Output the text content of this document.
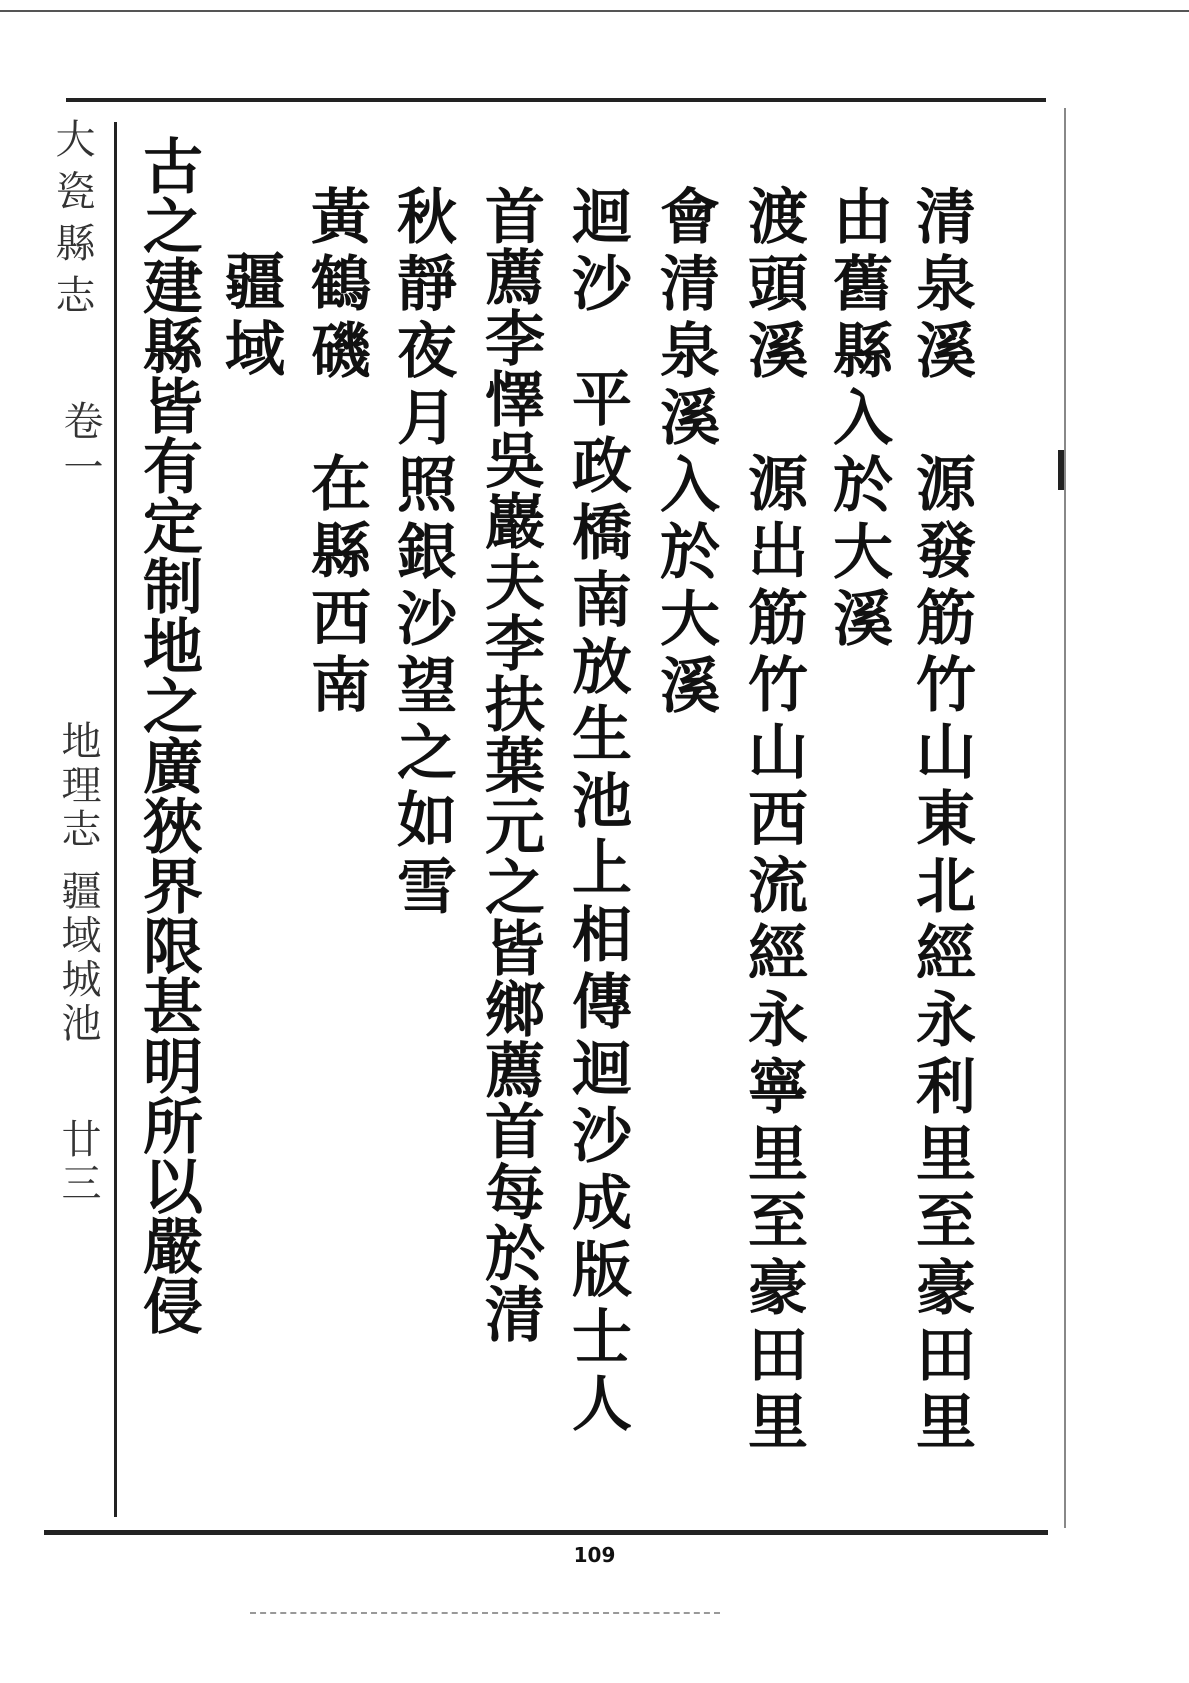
大瓷縣志
卷一
地理志
疆域城池
廿三
清泉溪源發筋竹山東北經永利里至豪田里
由舊縣入於大溪
渡頭溪源出筋竹山西流經永寧里至豪田里
會清泉溪入於大溪
迴沙平政橋南放生池上相傳迴沙成版士人
首薦李懌吳巖夫李扶葉元之皆鄉薦首每於清
秋靜夜月照銀沙望之如雪
黃鶴磯在縣西南
疆域
古之建縣皆有定制地之廣狹界限甚明所以嚴侵
109
